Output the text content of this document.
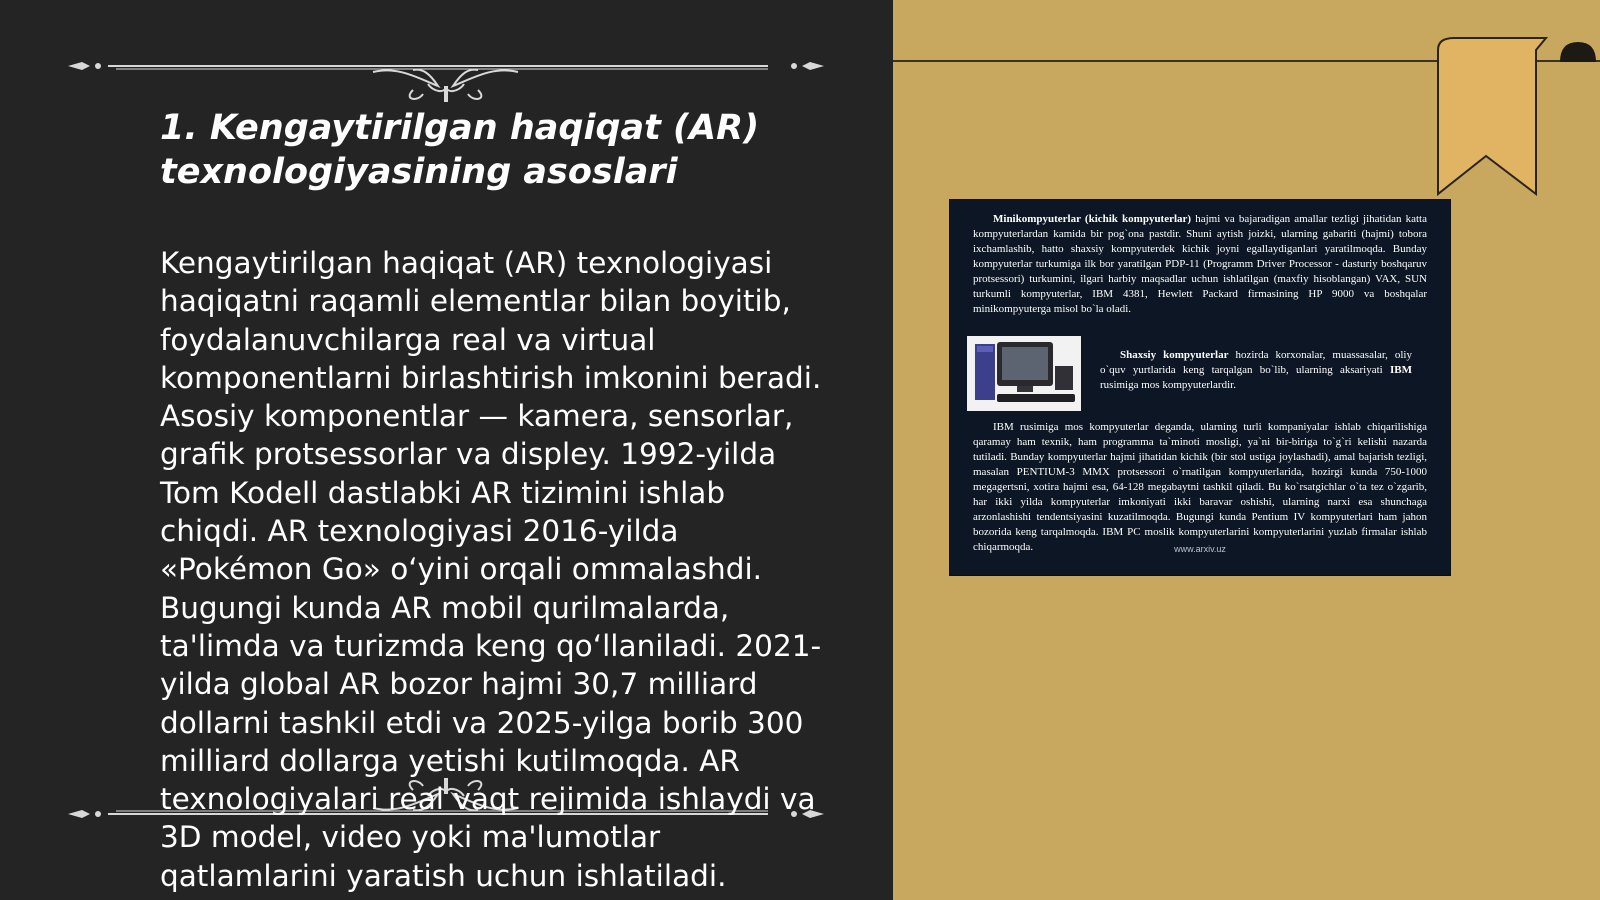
1. Kengaytirilgan haqiqat (AR) texnologiyasining asoslari
Kengaytirilgan haqiqat (AR) texnologiyasi haqiqatni raqamli elementlar bilan boyitib, foydalanuvchilarga real va virtual komponentlarni birlashtirish imkonini beradi. Asosiy komponentlar — kamera, sensorlar, grafik protsessorlar va displey. 1992-yilda Tom Kodell dastlabki AR tizimini ishlab chiqdi. AR texnologiyasi 2016-yilda «Pokémon Go» o‘yini orqali ommalashdi. Bugungi kunda AR mobil qurilmalarda, ta'limda va turizmda keng qo‘llaniladi. 2021-yilda global AR bozor hajmi 30,7 milliard dollarni tashkil etdi va 2025-yilga borib 300 milliard dollarga yetishi kutilmoqda. AR texnologiyalari real vaqt rejimida ishlaydi va 3D model, video yoki ma'lumotlar qatlamlarini yaratish uchun ishlatiladi.
Minikompyuterlar (kichik kompyuterlar) hajmi va bajaradigan amallar tezligi jihatidan katta kompyuterlardan kamida bir pog`ona pastdir. Shuni aytish joizki, ularning gabariti (hajmi) tobora ixchamlashib, hatto shaxsiy kompyuterdek kichik joyni egallaydiganlari yaratilmoqda. Bunday kompyuterlar turkumiga ilk bor yaratilgan PDP-11 (Programm Driver Processor - dasturiy boshqaruv protsessori) turkumini, ilgari harbiy maqsadlar uchun ishlatilgan (maxfiy hisoblangan) VAX, SUN turkumli kompyuterlar, IBM 4381, Hewlett Packard firmasining HP 9000 va boshqalar minikompyuterga misol bo`la oladi.
Shaxsiy kompyuterlar hozirda korxonalar, muassasalar, oliy o`quv yurtlarida keng tarqalgan bo`lib, ularning aksariyati IBM rusimiga mos kompyuterlardir.
IBM rusimiga mos kompyuterlar deganda, ularning turli kompaniyalar ishlab chiqarilishiga qaramay ham texnik, ham programma ta`minoti mosligi, ya`ni bir-biriga to`g`ri kelishi nazarda tutiladi. Bunday kompyuterlar hajmi jihatidan kichik (bir stol ustiga joylashadi), amal bajarish tezligi, masalan PENTIUM-3 MMX protsessori o`rnatilgan kompyuterlarida, hozirgi kunda 750-1000 megagertsni, xotira hajmi esa, 64-128 megabaytni tashkil qiladi. Bu ko`rsatgichlar o`ta tez o`zgarib, har ikki yilda kompyuterlar imkoniyati ikki baravar oshishi, ularning narxi esa shunchaga arzonlashishi tendentsiyasini kuzatilmoqda. Bugungi kunda Pentium IV kompyuterlari ham jahon bozorida keng tarqalmoqda. IBM PC moslik kompyuterlarini kompyuterlarini yuzlab firmalar ishlab chiqarmoqda.	www.arxiv.uz
